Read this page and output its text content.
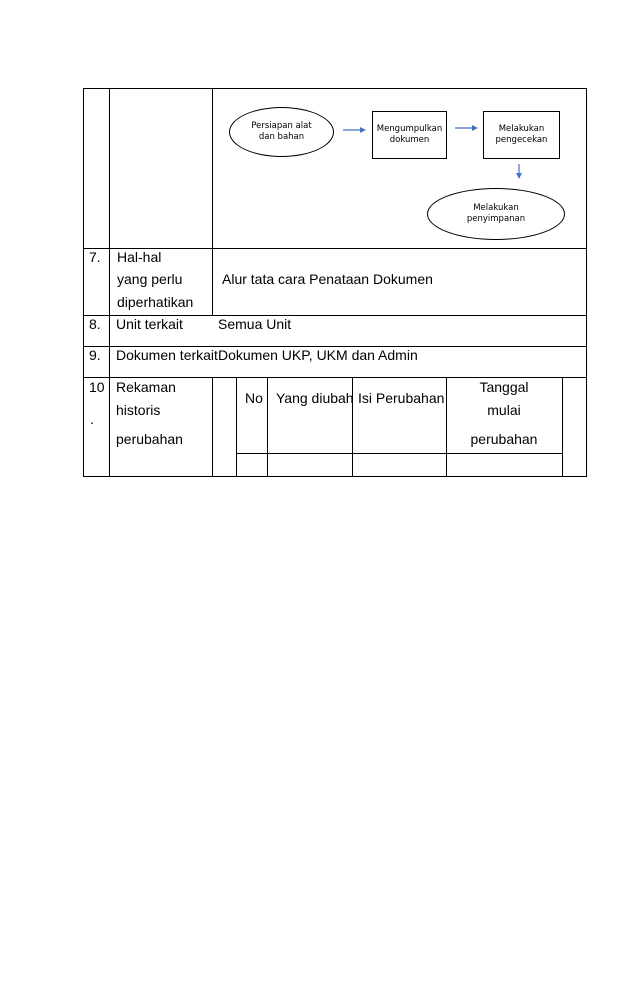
Persiapan alat
dan bahan
Mengumpulkan
dokumen
Melakukan
pengecekan
Melakukan
penyimpanan
7. Hal-hal
yang perlu
diperhatikan
Alur tata cara Penataan Dokumen
8. Unit terkait	Semua Unit
9. Dokumen terkait Dokumen UKP, UKM dan Admin
10
.
Rekaman
historis
perubahan
No Yang diubah Isi Perubahan
Tanggal
mulai
perubahan
